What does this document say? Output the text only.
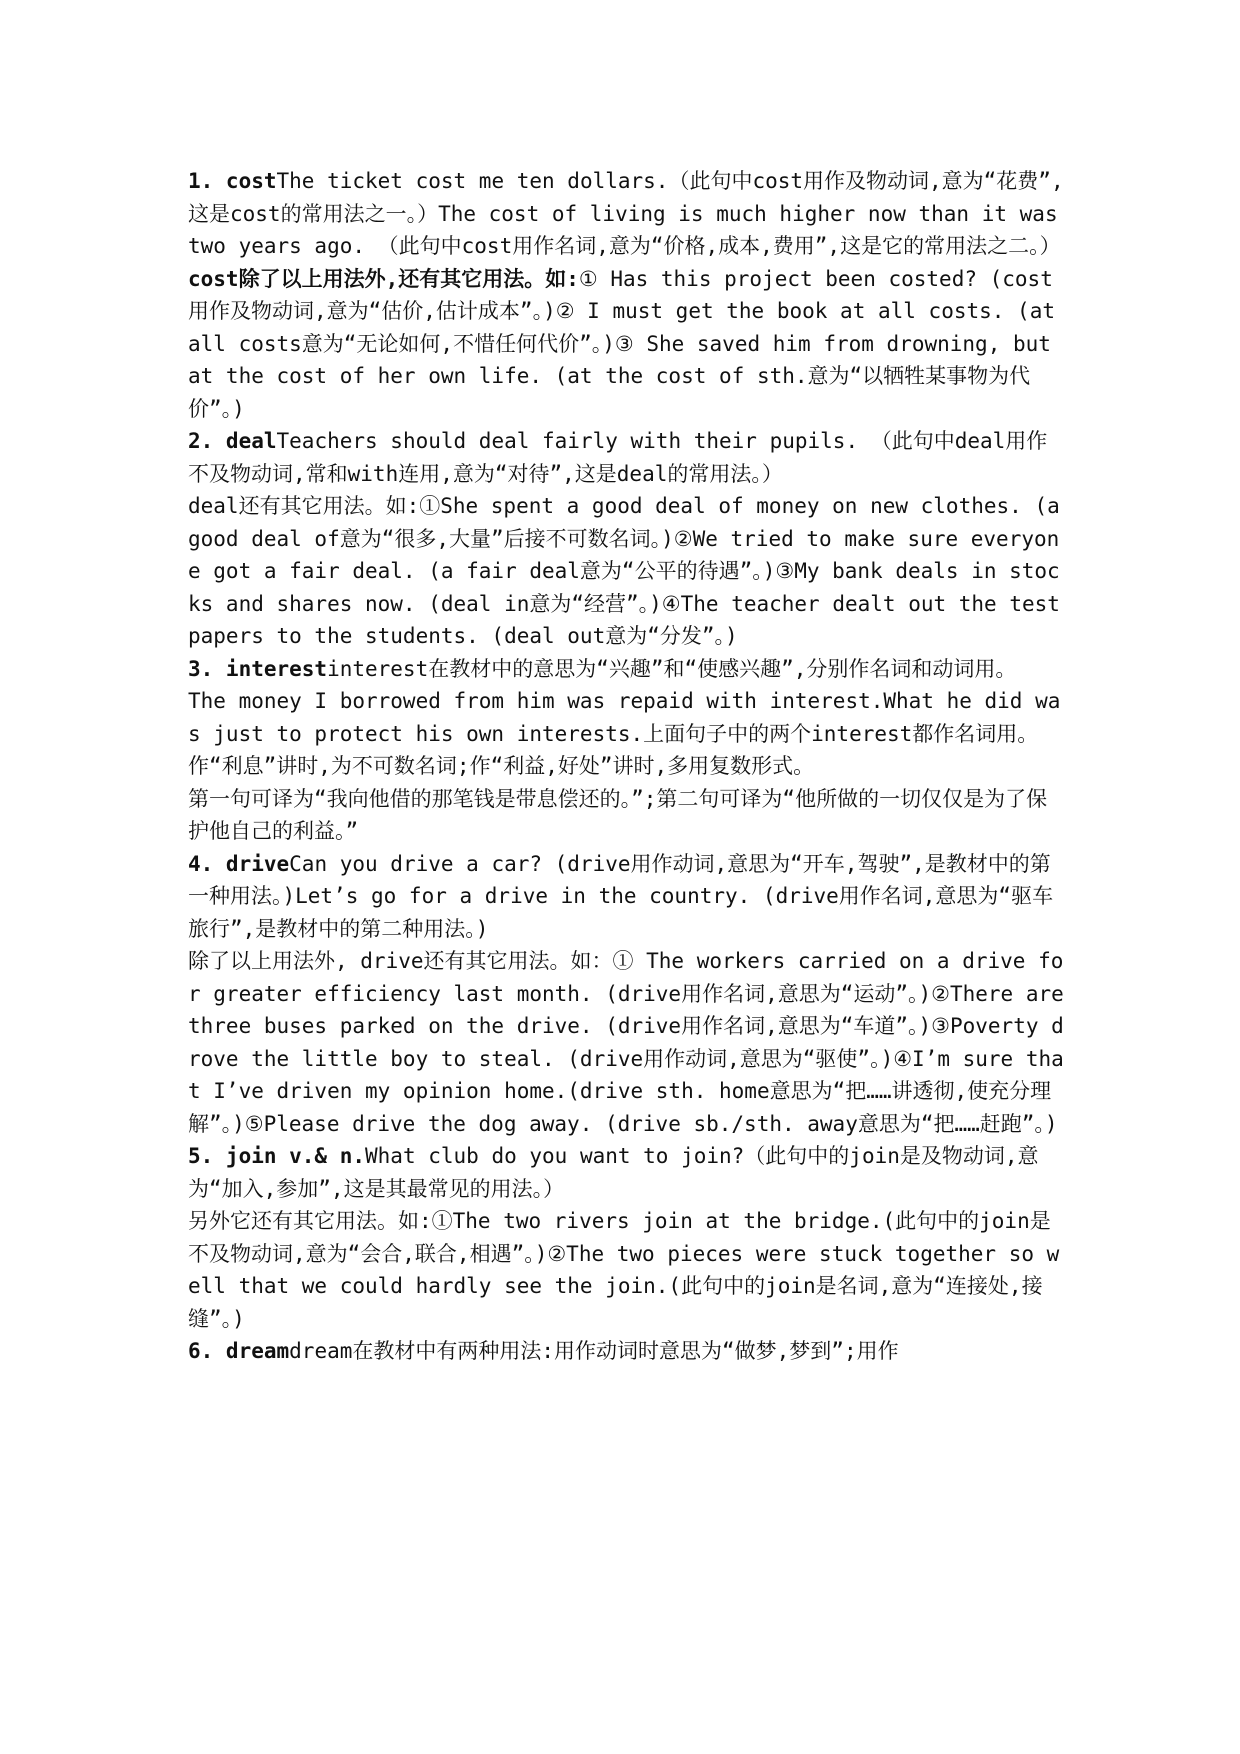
1. costThe ticket cost me ten dollars.（此句中cost用作及物动词,意为“花费”,这是cost的常用法之一。）The cost of living is much higher now than it was two years ago. （此句中cost用作名词,意为“价格,成本,费用”,这是它的常用法之二。）

cost除了以上用法外,还有其它用法。如:① Has this project been costed? (cost用作及物动词,意为“估价,估计成本”。)② I must get the book at all costs. (at all costs意为“无论如何,不惜任何代价”。)③ She saved him from drowning, but at the cost of her own life. (at the cost of sth.意为“以牺牲某事物为代价”。)

2. dealTeachers should deal fairly with their pupils. （此句中deal用作不及物动词,常和with连用,意为“对待”,这是deal的常用法。）

deal还有其它用法。如:①She spent a good deal of money on new clothes. (a good deal of意为“很多,大量”后接不可数名词。)②We tried to make sure everyone got a fair deal. (a fair deal意为“公平的待遇”。)③My bank deals in stocks and shares now. (deal in意为“经营”。)④The teacher dealt out the test papers to the students. (deal out意为“分发”。)

3. interestinterest在教材中的意思为“兴趣”和“使感兴趣”,分别作名词和动词用。

The money I borrowed from him was repaid with interest.What he did was just to protect his own interests.上面句子中的两个interest都作名词用。作“利息”讲时,为不可数名词;作“利益,好处”讲时,多用复数形式。

第一句可译为“我向他借的那笔钱是带息偿还的。”;第二句可译为“他所做的一切仅仅是为了保护他自己的利益。”

4. driveCan you drive a car? (drive用作动词,意思为“开车,驾驶”,是教材中的第一种用法。)Let’s go for a drive in the country. (drive用作名词,意思为“驱车旅行”,是教材中的第二种用法。)

除了以上用法外, drive还有其它用法。如：① The workers carried on a drive for greater efficiency last month. (drive用作名词,意思为“运动”。)②There are three buses parked on the drive. (drive用作名词,意思为“车道”。)③Poverty drove the little boy to steal. (drive用作动词,意思为“驱使”。)④I’m sure that I’ve driven my opinion home.(drive sth. home意思为“把……讲透彻,使充分理解”。)⑤Please drive the dog away. (drive sb./sth. away意思为“把……赶跑”。)

5. join v.& n.What club do you want to join?（此句中的join是及物动词,意为“加入,参加”,这是其最常见的用法。）

另外它还有其它用法。如:①The two rivers join at the bridge.(此句中的join是不及物动词,意为“会合,联合,相遇”。)②The two pieces were stuck together so well that we could hardly see the join.(此句中的join是名词,意为“连接处,接缝”。)

6. dreamdream在教材中有两种用法:用作动词时意思为“做梦,梦到”;用作
